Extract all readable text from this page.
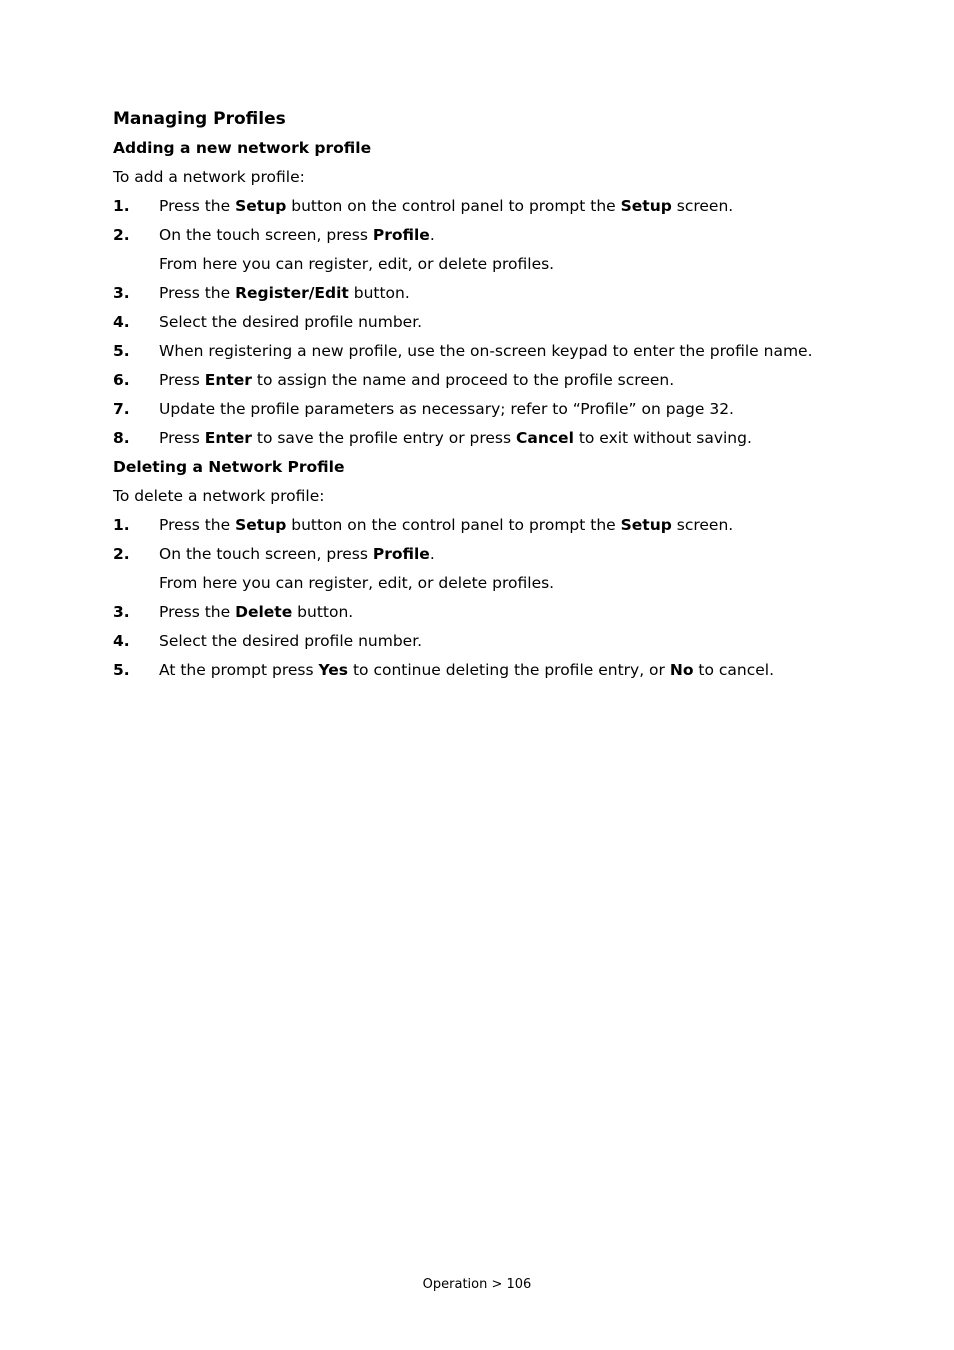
Managing Profiles
Adding a new network profile
To add a network profile:
1.	Press the Setup button on the control panel to prompt the Setup screen.
2.	On the touch screen, press Profile.
From here you can register, edit, or delete profiles.
3.	Press the Register/Edit button.
4.	Select the desired profile number.
5.	When registering a new profile, use the on-screen keypad to enter the profile name.
6.	Press Enter to assign the name and proceed to the profile screen.
7.	Update the profile parameters as necessary; refer to “Profile” on page 32.
8.	Press Enter to save the profile entry or press Cancel to exit without saving.
Deleting a Network Profile
To delete a network profile:
1.	Press the Setup button on the control panel to prompt the Setup screen.
2.	On the touch screen, press Profile.
From here you can register, edit, or delete profiles.
3.	Press the Delete button.
4.	Select the desired profile number.
5.	At the prompt press Yes to continue deleting the profile entry, or No to cancel.
Operation > 106
